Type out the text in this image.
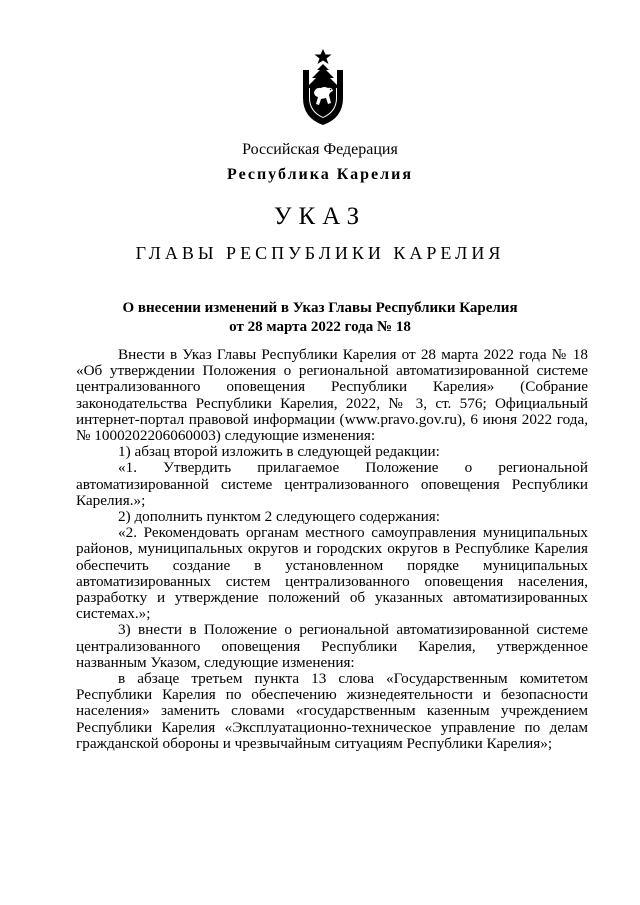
Российская Федерация
Республика Карелия
УКАЗ
ГЛАВЫ РЕСПУБЛИКИ КАРЕЛИЯ
О внесении изменений в Указ Главы Республики Карелия
от 28 марта 2022 года № 18

Внести в Указ Главы Республики Карелия от 28 марта 2022 года № 18 «Об утверждении Положения о региональной автоматизированной системе централизованного оповещения Республики Карелия» (Собрание законодательства Республики Карелия, 2022, № 3, ст. 576; Официальный интернет-портал правовой информации (www.pravo.gov.ru), 6 июня 2022 года, № 1000202206060003) следующие изменения:

1) абзац второй изложить в следующей редакции:

«1. Утвердить прилагаемое Положение о региональной автоматизированной системе централизованного оповещения Республики Карелия.»;

2) дополнить пунктом 2 следующего содержания:

«2. Рекомендовать органам местного самоуправления муниципальных районов, муниципальных округов и городских округов в Республике Карелия обеспечить создание в установленном порядке муниципальных автоматизированных систем централизованного оповещения населения, разработку и утверждение положений об указанных автоматизированных системах.»;

3) внести в Положение о региональной автоматизированной системе централизованного оповещения Республики Карелия, утвержденное названным Указом, следующие изменения:

в абзаце третьем пункта 13 слова «Государственным комитетом Республики Карелия по обеспечению жизнедеятельности и безопасности населения» заменить словами «государственным казенным учреждением Республики Карелия «Эксплуатационно-техническое управление по делам гражданской обороны и чрезвычайным ситуациям Республики Карелия»;
